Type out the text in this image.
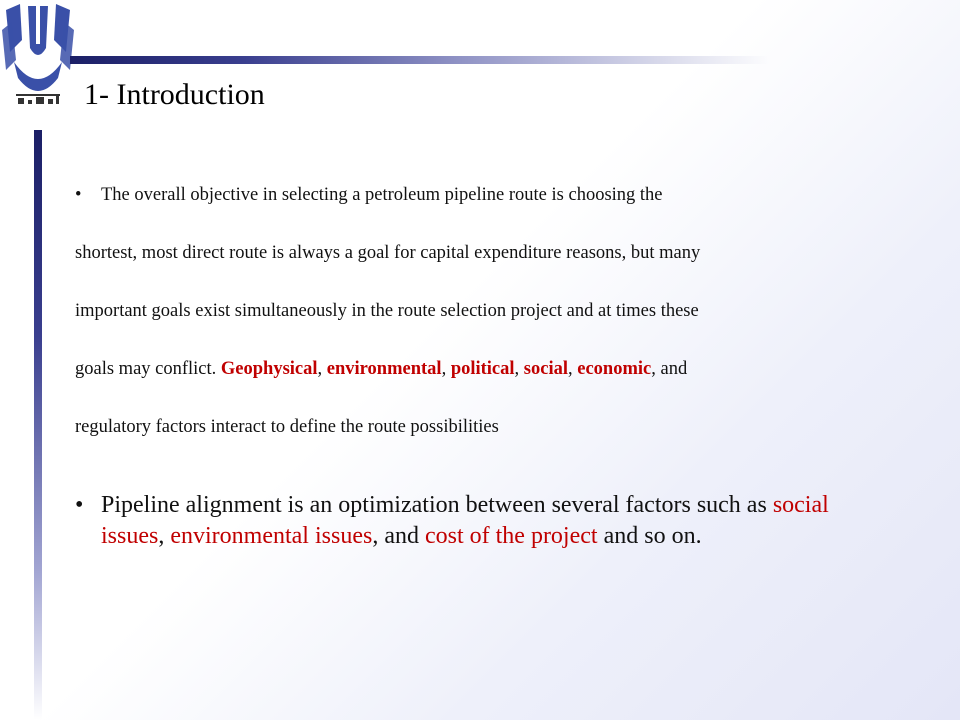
1- Introduction
• The overall objective in selecting a petroleum pipeline route is choosing the
shortest, most direct route is always a goal for capital expenditure reasons, but many
important goals exist simultaneously in the route selection project and at times these
goals may conflict. Geophysical, environmental, political, social, economic, and
regulatory factors interact to define the route possibilities
• Pipeline alignment is an optimization between several factors such as social
issues, environmental issues, and cost of the project and so on.
